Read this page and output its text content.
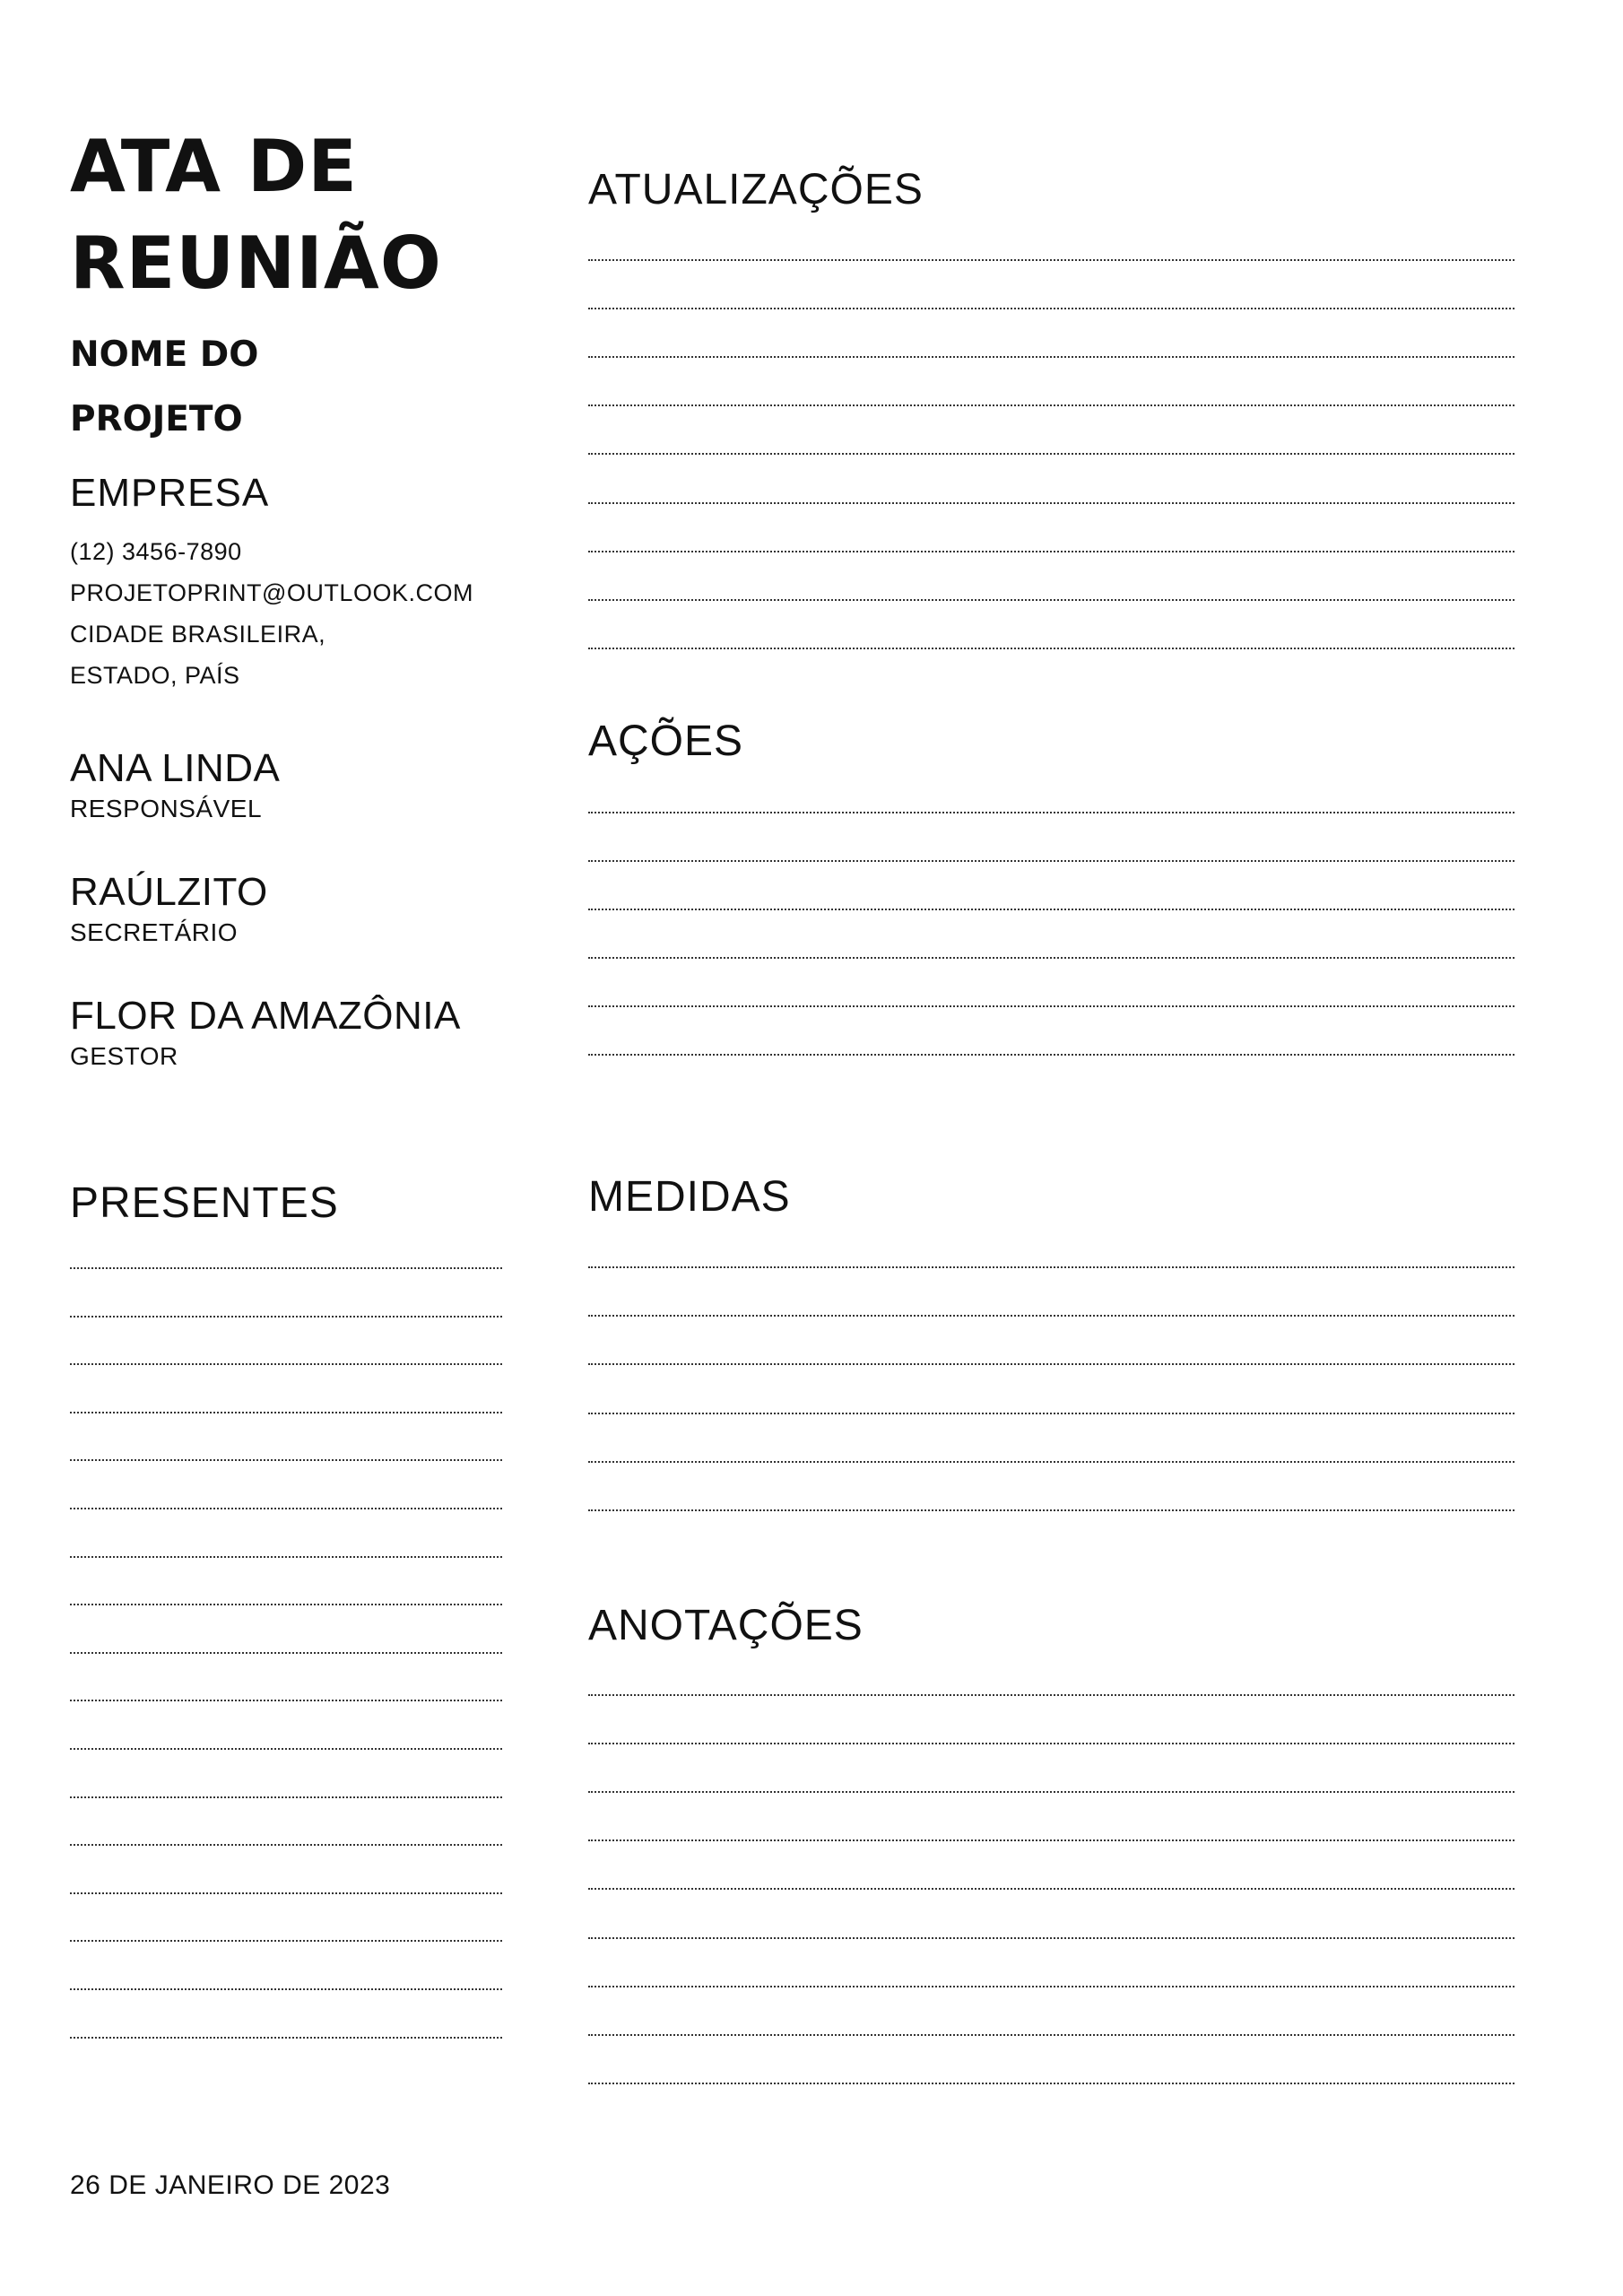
ATA DE
REUNIÃO
NOME DO
PROJETO
EMPRESA
(12) 3456-7890
PROJETOPRINT@OUTLOOK.COM
CIDADE BRASILEIRA,
ESTADO, PAÍS
ANA LINDA
RESPONSÁVEL
RAÚLZITO
SECRETÁRIO
FLOR DA AMAZÔNIA
GESTOR
PRESENTES
ATUALIZAÇÕES
AÇÕES
MEDIDAS
ANOTAÇÕES
26 DE JANEIRO DE 2023
